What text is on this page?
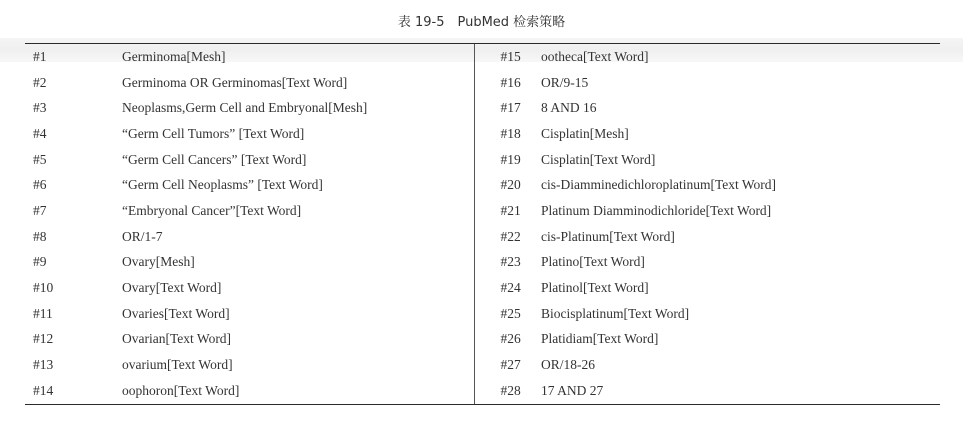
表 19-5　PubMed 检索策略
#1	Germinoma[Mesh]	#15	ootheca[Text Word]
#2	Germinoma OR Germinomas[Text Word]	#16	OR/9-15
#3	Neoplasms,Germ Cell and Embryonal[Mesh]	#17	8 AND 16
#4	“Germ Cell Tumors” [Text Word]	#18	Cisplatin[Mesh]
#5	“Germ Cell Cancers” [Text Word]	#19	Cisplatin[Text Word]
#6	“Germ Cell Neoplasms” [Text Word]	#20	cis-Diamminedichloroplatinum[Text Word]
#7	“Embryonal Cancer”[Text Word]	#21	Platinum Diamminodichloride[Text Word]
#8	OR/1-7	#22	cis-Platinum[Text Word]
#9	Ovary[Mesh]	#23	Platino[Text Word]
#10	Ovary[Text Word]	#24	Platinol[Text Word]
#11	Ovaries[Text Word]	#25	Biocisplatinum[Text Word]
#12	Ovarian[Text Word]	#26	Platidiam[Text Word]
#13	ovarium[Text Word]	#27	OR/18-26
#14	oophoron[Text Word]	#28	17 AND 27
